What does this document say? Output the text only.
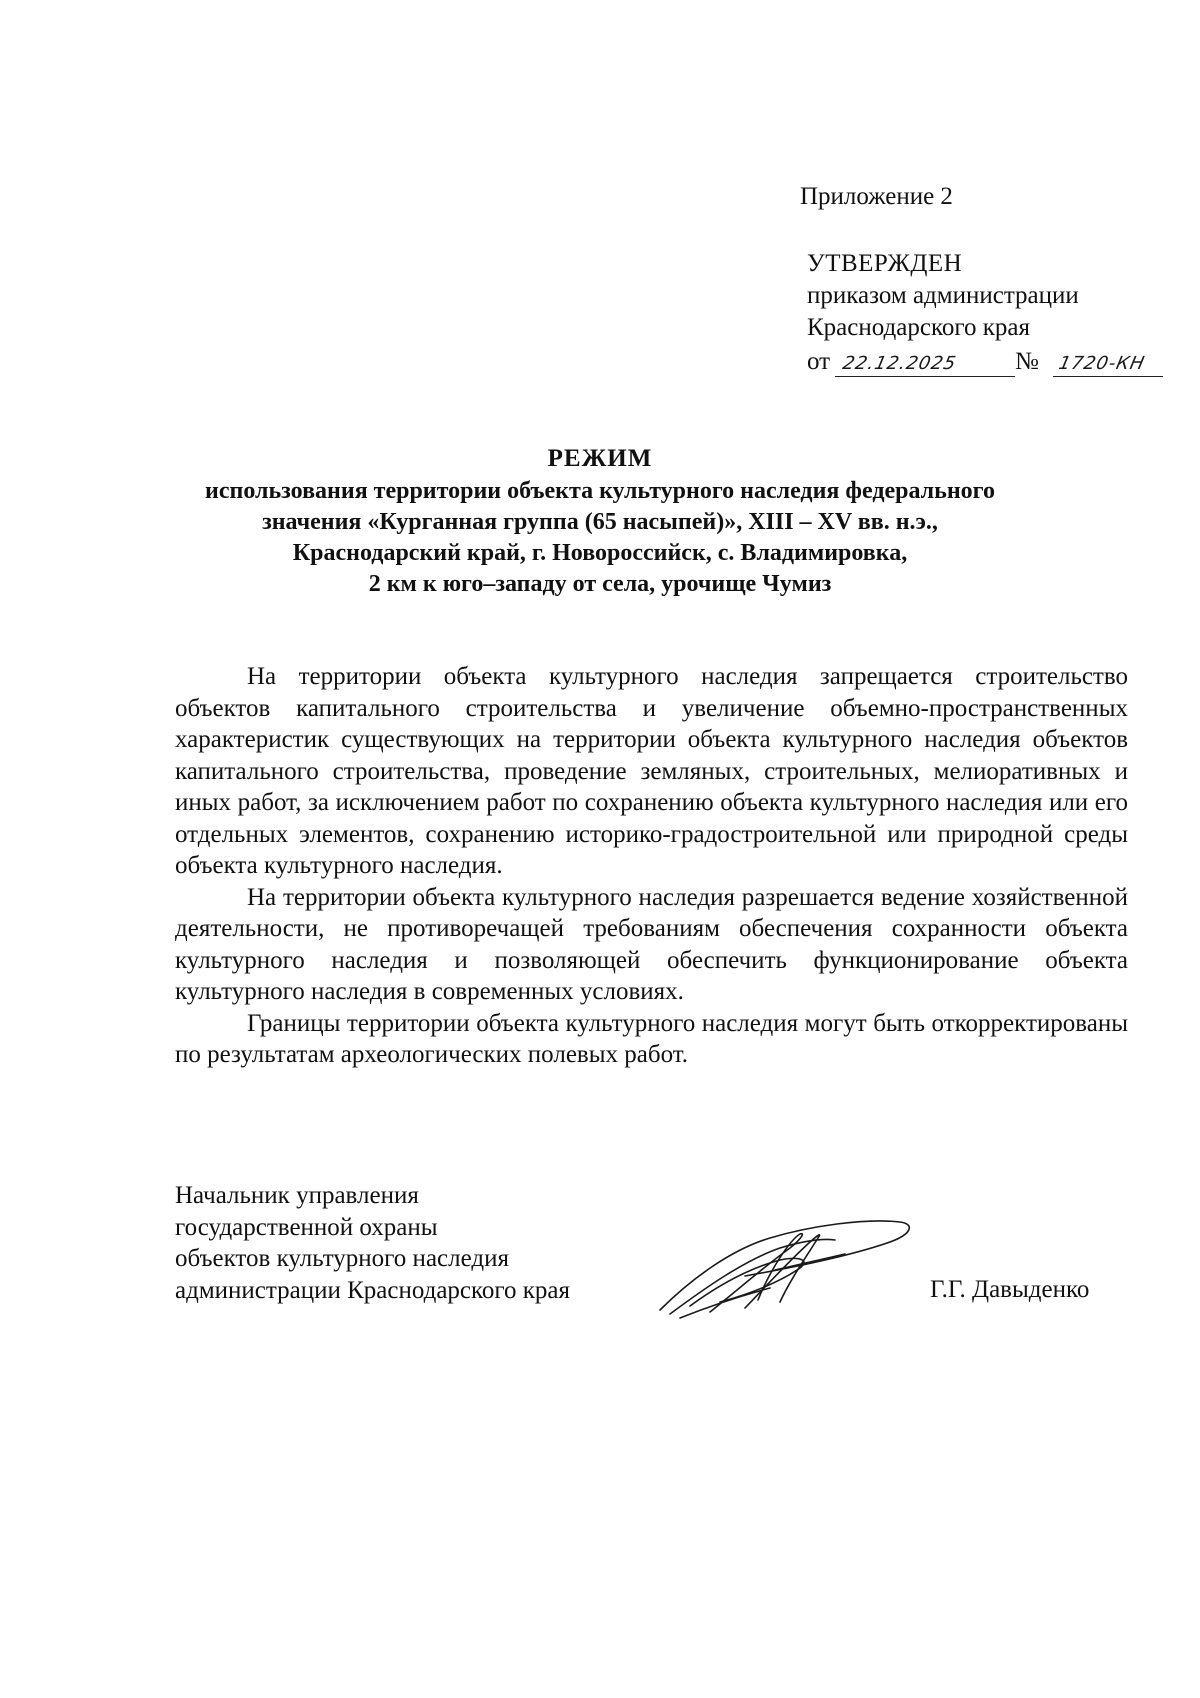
Приложение 2
УТВЕРЖДЕН
приказом администрации
Краснодарского края
от 22.12.2025 № 1720-КН
РЕЖИМ
использования территории объекта культурного наследия федерального
значения «Курганная группа (65 насыпей)», XIII – XV вв. н.э.,
Краснодарский край, г. Новороссийск, с. Владимировка,
2 км к юго–западу от села, урочище Чумиз

На территории объекта культурного наследия запрещается строительство объектов капитального строительства и увеличение объемно-пространственных характеристик существующих на территории объекта культурного наследия объектов капитального строительства, проведение земляных, строительных, мелиоративных и иных работ, за исключением работ по сохранению объекта культурного наследия или его отдельных элементов, сохранению историко-градостроительной или природной среды объекта культурного наследия.

На территории объекта культурного наследия разрешается ведение хозяйственной деятельности, не противоречащей требованиям обеспечения сохранности объекта культурного наследия и позволяющей обеспечить функционирование объекта культурного наследия в современных условиях.

Границы территории объекта культурного наследия могут быть откорректированы по результатам археологических полевых работ.

Начальник управления
государственной охраны
объектов культурного наследия
администрации Краснодарского края	Г.Г. Давыденко
